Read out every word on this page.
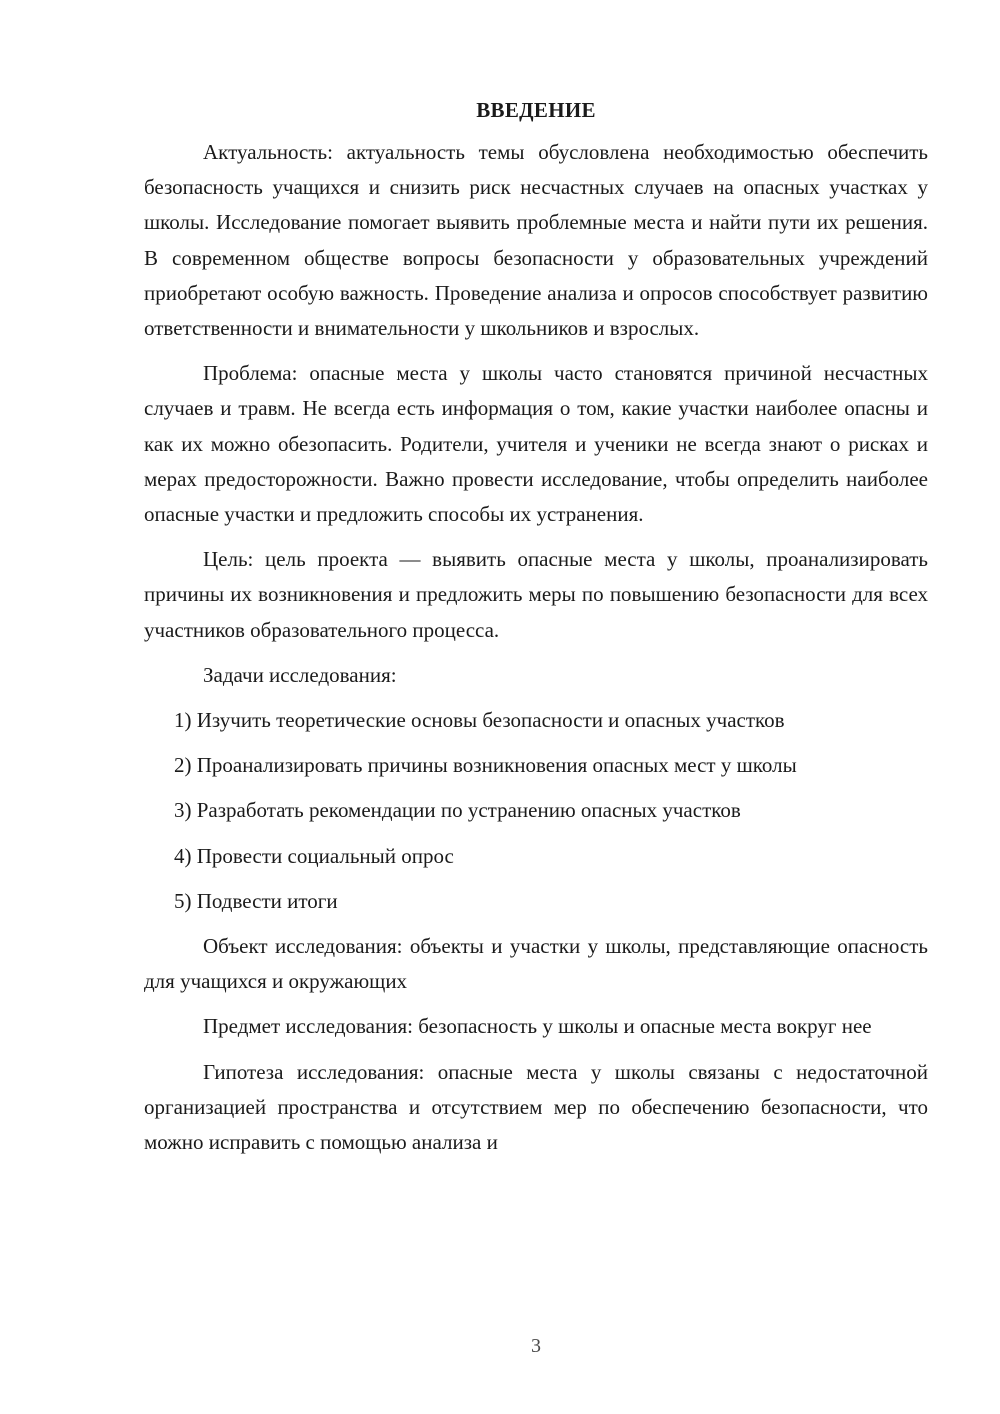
ВВЕДЕНИЕ

Актуальность: актуальность темы обусловлена необходимостью обеспечить безопасность учащихся и снизить риск несчастных случаев на опасных участках у школы. Исследование помогает выявить проблемные места и найти пути их решения. В современном обществе вопросы безопасности у образовательных учреждений приобретают особую важность. Проведение анализа и опросов способствует развитию ответственности и внимательности у школьников и взрослых.

Проблема: опасные места у школы часто становятся причиной несчастных случаев и травм. Не всегда есть информация о том, какие участки наиболее опасны и как их можно обезопасить. Родители, учителя и ученики не всегда знают о рисках и мерах предосторожности. Важно провести исследование, чтобы определить наиболее опасные участки и предложить способы их устранения.

Цель: цель проекта — выявить опасные места у школы, проанализировать причины их возникновения и предложить меры по повышению безопасности для всех участников образовательного процесса.

Задачи исследования:

1) Изучить теоретические основы безопасности и опасных участков
2) Проанализировать причины возникновения опасных мест у школы
3) Разработать рекомендации по устранению опасных участков
4) Провести социальный опрос
5) Подвести итоги

Объект исследования: объекты и участки у школы, представляющие опасность для учащихся и окружающих

Предмет исследования: безопасность у школы и опасные места вокруг нее

Гипотеза исследования: опасные места у школы связаны с недостаточной организацией пространства и отсутствием мер по обеспечению безопасности, что можно исправить с помощью анализа и

3
